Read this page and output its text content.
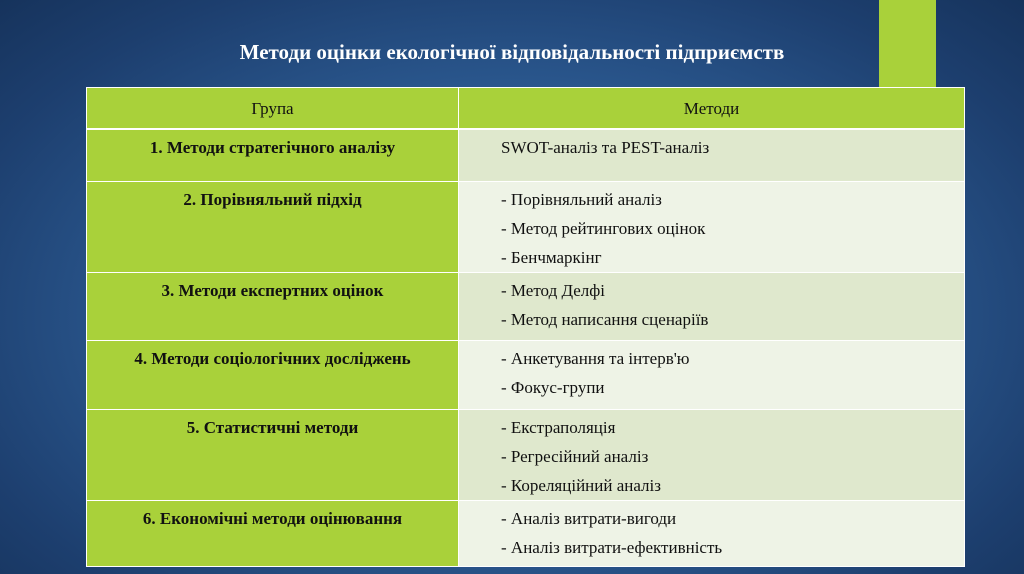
Методи оцінки екологічної відповідальності підприємств
Група	Методи
1. Методи стратегічного аналізу	SWOT-аналіз та PEST-аналіз

2. Порівняльний підхід	- Порівняльний аналіз
- Метод рейтингових оцінок
- Бенчмаркінг

3. Методи експертних оцінок	- Метод Делфі
- Метод написання сценаріїв

4. Методи соціологічних досліджень	- Анкетування та інтерв'ю
- Фокус-групи

5. Статистичні методи	- Екстраполяція
- Регресійний аналіз
- Кореляційний аналіз

6. Економічні методи оцінювання	- Аналіз витрати-вигоди
- Аналіз витрати-ефективність
